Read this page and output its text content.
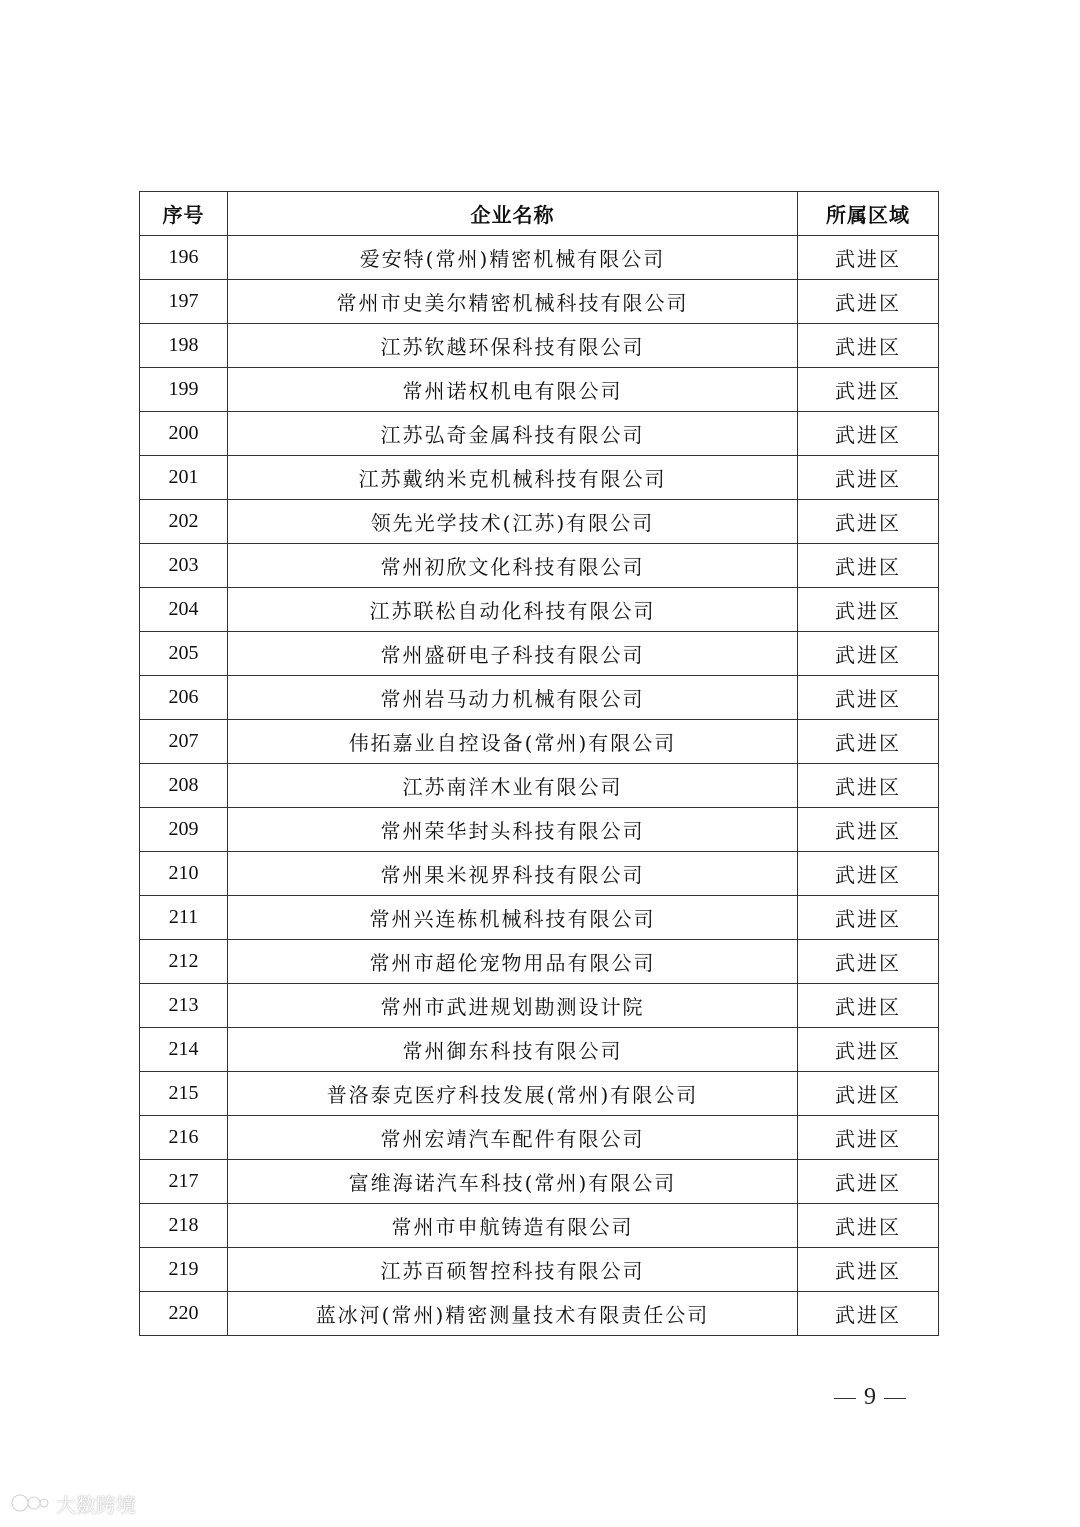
序号	企业名称	所属区域
196	爱安特(常州)精密机械有限公司	武进区
197	常州市史美尔精密机械科技有限公司	武进区
198	江苏钦越环保科技有限公司	武进区
199	常州诺权机电有限公司	武进区
200	江苏弘奇金属科技有限公司	武进区
201	江苏戴纳米克机械科技有限公司	武进区
202	领先光学技术(江苏)有限公司	武进区
203	常州初欣文化科技有限公司	武进区
204	江苏联松自动化科技有限公司	武进区
205	常州盛研电子科技有限公司	武进区
206	常州岩马动力机械有限公司	武进区
207	伟拓嘉业自控设备(常州)有限公司	武进区
208	江苏南洋木业有限公司	武进区
209	常州荣华封头科技有限公司	武进区
210	常州果米视界科技有限公司	武进区
211	常州兴连栋机械科技有限公司	武进区
212	常州市超伦宠物用品有限公司	武进区
213	常州市武进规划勘测设计院	武进区
214	常州御东科技有限公司	武进区
215	普洛泰克医疗科技发展(常州)有限公司	武进区
216	常州宏靖汽车配件有限公司	武进区
217	富维海诺汽车科技(常州)有限公司	武进区
218	常州市申航铸造有限公司	武进区
219	江苏百硕智控科技有限公司	武进区
220	蓝冰河(常州)精密测量技术有限责任公司	武进区
9
大数跨境
